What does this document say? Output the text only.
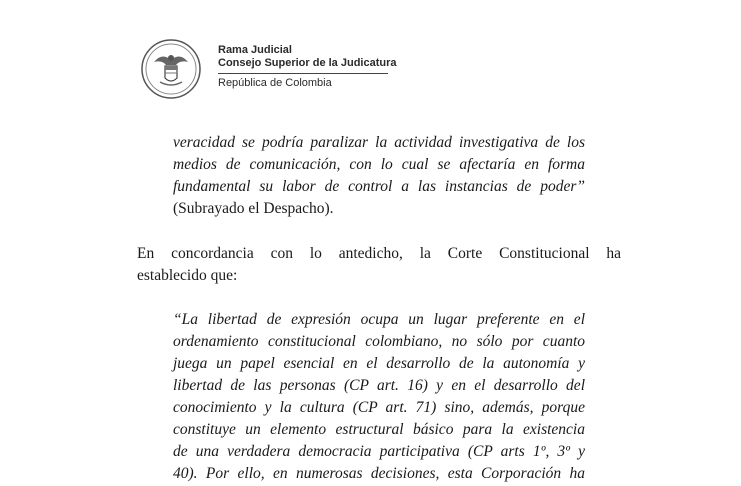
Rama Judicial
Consejo Superior de la Judicatura
República de Colombia
veracidad se podría paralizar la actividad investigativa de los
medios de comunicación, con lo cual se afectaría en forma
fundamental su labor de control a las instancias de poder”
(Subrayado el Despacho).
En concordancia con lo antedicho, la Corte Constitucional ha
establecido que:
“La libertad de expresión ocupa un lugar preferente en el
ordenamiento constitucional colombiano, no sólo por cuanto
juega un papel esencial en el desarrollo de la autonomía y
libertad de las personas (CP art. 16) y en el desarrollo del
conocimiento y la cultura (CP art. 71) sino, además, porque
constituye un elemento estructural básico para la existencia
de una verdadera democracia participativa (CP arts 1º, 3º y
40). Por ello, en numerosas decisiones, esta Corporación ha
